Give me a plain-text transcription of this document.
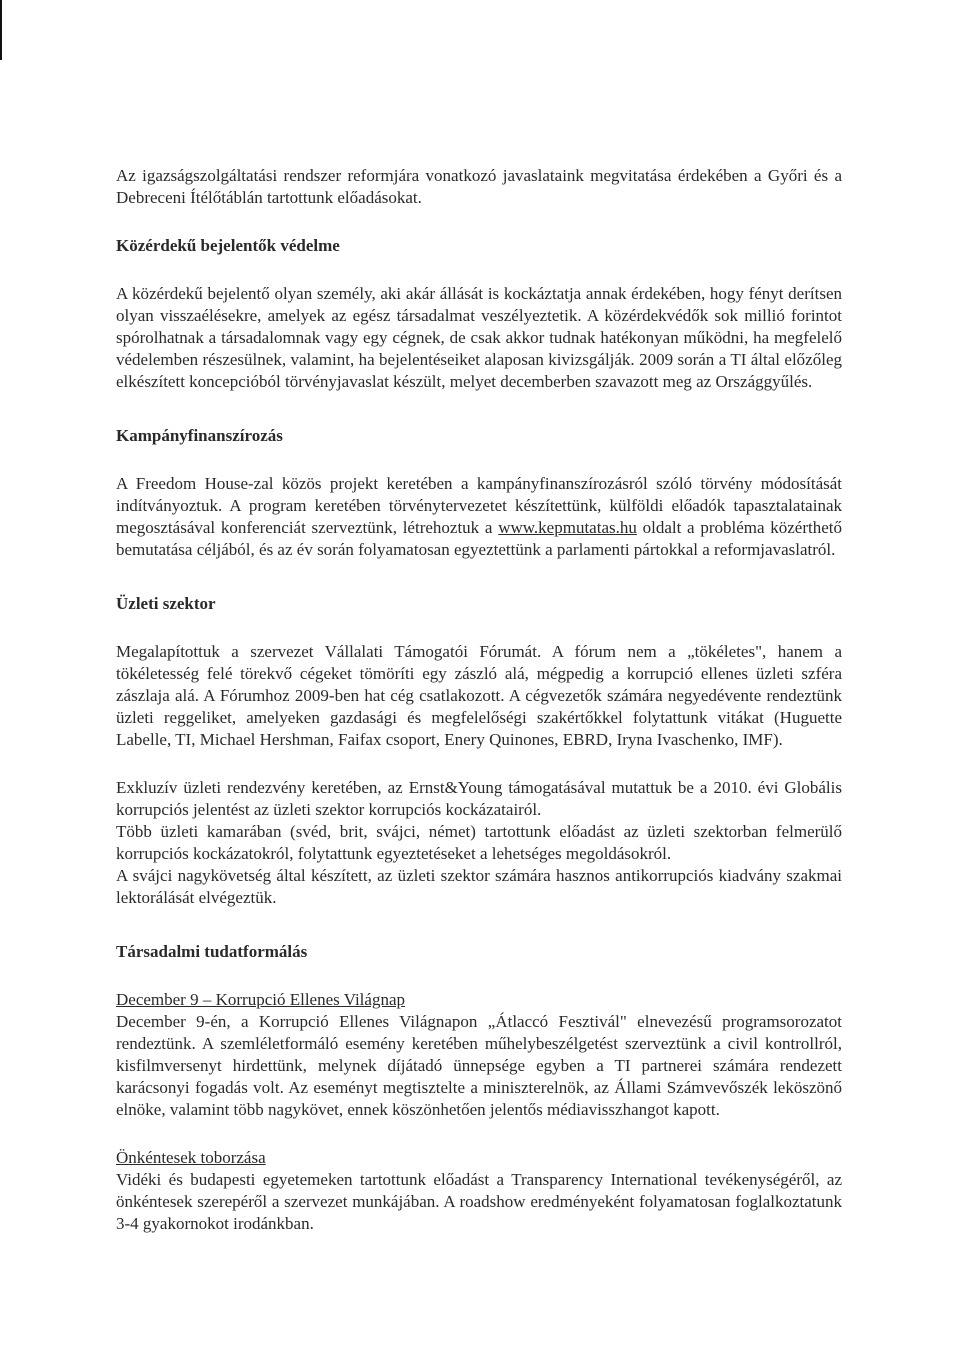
Az igazságszolgáltatási rendszer reformjára vonatkozó javaslataink megvitatása érdekében a Győri és a Debreceni Ítélőtáblán tartottunk előadásokat.

Közérdekű bejelentők védelme

A közérdekű bejelentő olyan személy, aki akár állását is kockáztatja annak érdekében, hogy fényt derítsen olyan visszaélésekre, amelyek az egész társadalmat veszélyeztetik. A közérdekvédők sok millió forintot spórolhatnak a társadalomnak vagy egy cégnek, de csak akkor tudnak hatékonyan működni, ha megfelelő védelemben részesülnek, valamint, ha bejelentéseiket alaposan kivizsgálják. 2009 során a TI által előzőleg elkészített koncepcióból törvényjavaslat készült, melyet decemberben szavazott meg az Országgyűlés.

Kampányfinanszírozás

A Freedom House-zal közös projekt keretében a kampányfinanszírozásról szóló törvény módosítását indítványoztuk. A program keretében törvénytervezetet készítettünk, külföldi előadók tapasztalatainak megosztásával konferenciát szerveztünk, létrehoztuk a www.kepmutatas.hu oldalt a probléma közérthető bemutatása céljából, és az év során folyamatosan egyeztettünk a parlamenti pártokkal a reformjavaslatról.

Üzleti szektor

Megalapítottuk a szervezet Vállalati Támogatói Fórumát. A fórum nem a „tökéletes", hanem a tökéletesség felé törekvő cégeket tömöríti egy zászló alá, mégpedig a korrupció ellenes üzleti szféra zászlaja alá. A Fórumhoz 2009-ben hat cég csatlakozott. A cégvezetők számára negyedévente rendeztünk üzleti reggeliket, amelyeken gazdasági és megfelelőségi szakértőkkel folytattunk vitákat (Huguette Labelle, TI, Michael Hershman, Faifax csoport, Enery Quinones, EBRD, Iryna Ivaschenko, IMF).

Exkluzív üzleti rendezvény keretében, az Ernst&Young támogatásával mutattuk be a 2010. évi Globális korrupciós jelentést az üzleti szektor korrupciós kockázatairól.

Több üzleti kamarában (svéd, brit, svájci, német) tartottunk előadást az üzleti szektorban felmerülő korrupciós kockázatokról, folytattunk egyeztetéseket a lehetséges megoldásokról.

A svájci nagykövetség által készített, az üzleti szektor számára hasznos antikorrupciós kiadvány szakmai lektorálását elvégeztük.

Társadalmi tudatformálás
December 9 – Korrupció Ellenes Világnap

December 9-én, a Korrupció Ellenes Világnapon „Átlaccó Fesztivál" elnevezésű programsorozatot rendeztünk. A szemléletformáló esemény keretében műhelybeszélgetést szerveztünk a civil kontrollról, kisfilmversenyt hirdettünk, melynek díjátadó ünnepsége egyben a TI partnerei számára rendezett karácsonyi fogadás volt. Az eseményt megtisztelte a miniszterelnök, az Állami Számvevőszék leköszönő elnöke, valamint több nagykövet, ennek köszönhetően jelentős médiavisszhangot kapott.

Önkéntesek toborzása

Vidéki és budapesti egyetemeken tartottunk előadást a Transparency International tevékenységéről, az önkéntesek szerepéről a szervezet munkájában. A roadshow eredményeként folyamatosan foglalkoztatunk 3-4 gyakornokot irodánkban.
